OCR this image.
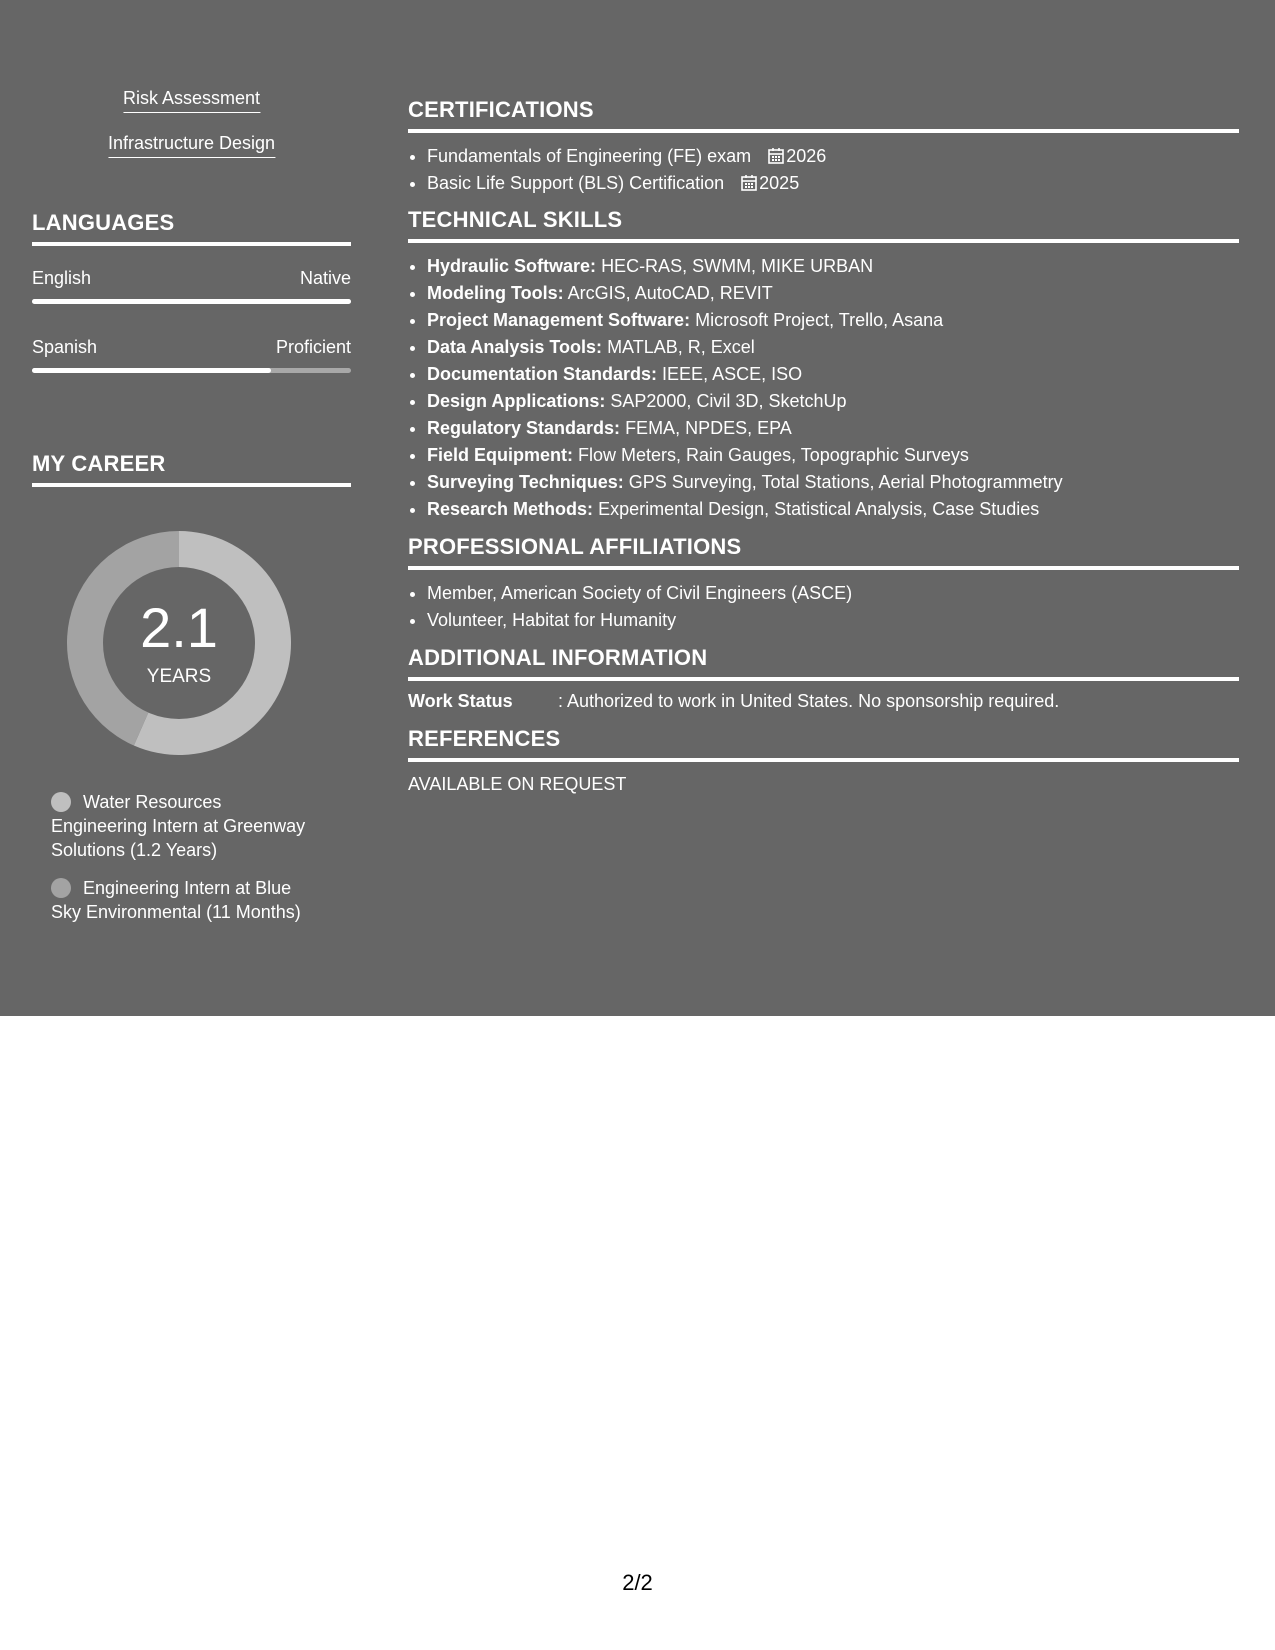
Risk Assessment
Infrastructure Design
LANGUAGES
English	Native
Spanish	Proficient
MY CAREER
2.1
YEARS
Water Resources Engineering Intern at Greenway Solutions (1.2 Years)
Engineering Intern at Blue Sky Environmental (11 Months)
CERTIFICATIONS
• Fundamentals of Engineering (FE) exam 2026
• Basic Life Support (BLS) Certification 2025
TECHNICAL SKILLS
• Hydraulic Software: HEC-RAS, SWMM, MIKE URBAN
• Modeling Tools: ArcGIS, AutoCAD, REVIT
• Project Management Software: Microsoft Project, Trello, Asana
• Data Analysis Tools: MATLAB, R, Excel
• Documentation Standards: IEEE, ASCE, ISO
• Design Applications: SAP2000, Civil 3D, SketchUp
• Regulatory Standards: FEMA, NPDES, EPA
• Field Equipment: Flow Meters, Rain Gauges, Topographic Surveys
• Surveying Techniques: GPS Surveying, Total Stations, Aerial Photogrammetry
• Research Methods: Experimental Design, Statistical Analysis, Case Studies
PROFESSIONAL AFFILIATIONS
• Member, American Society of Civil Engineers (ASCE)
• Volunteer, Habitat for Humanity
ADDITIONAL INFORMATION
Work Status	: Authorized to work in United States. No sponsorship required.
REFERENCES
AVAILABLE ON REQUEST
2/2
